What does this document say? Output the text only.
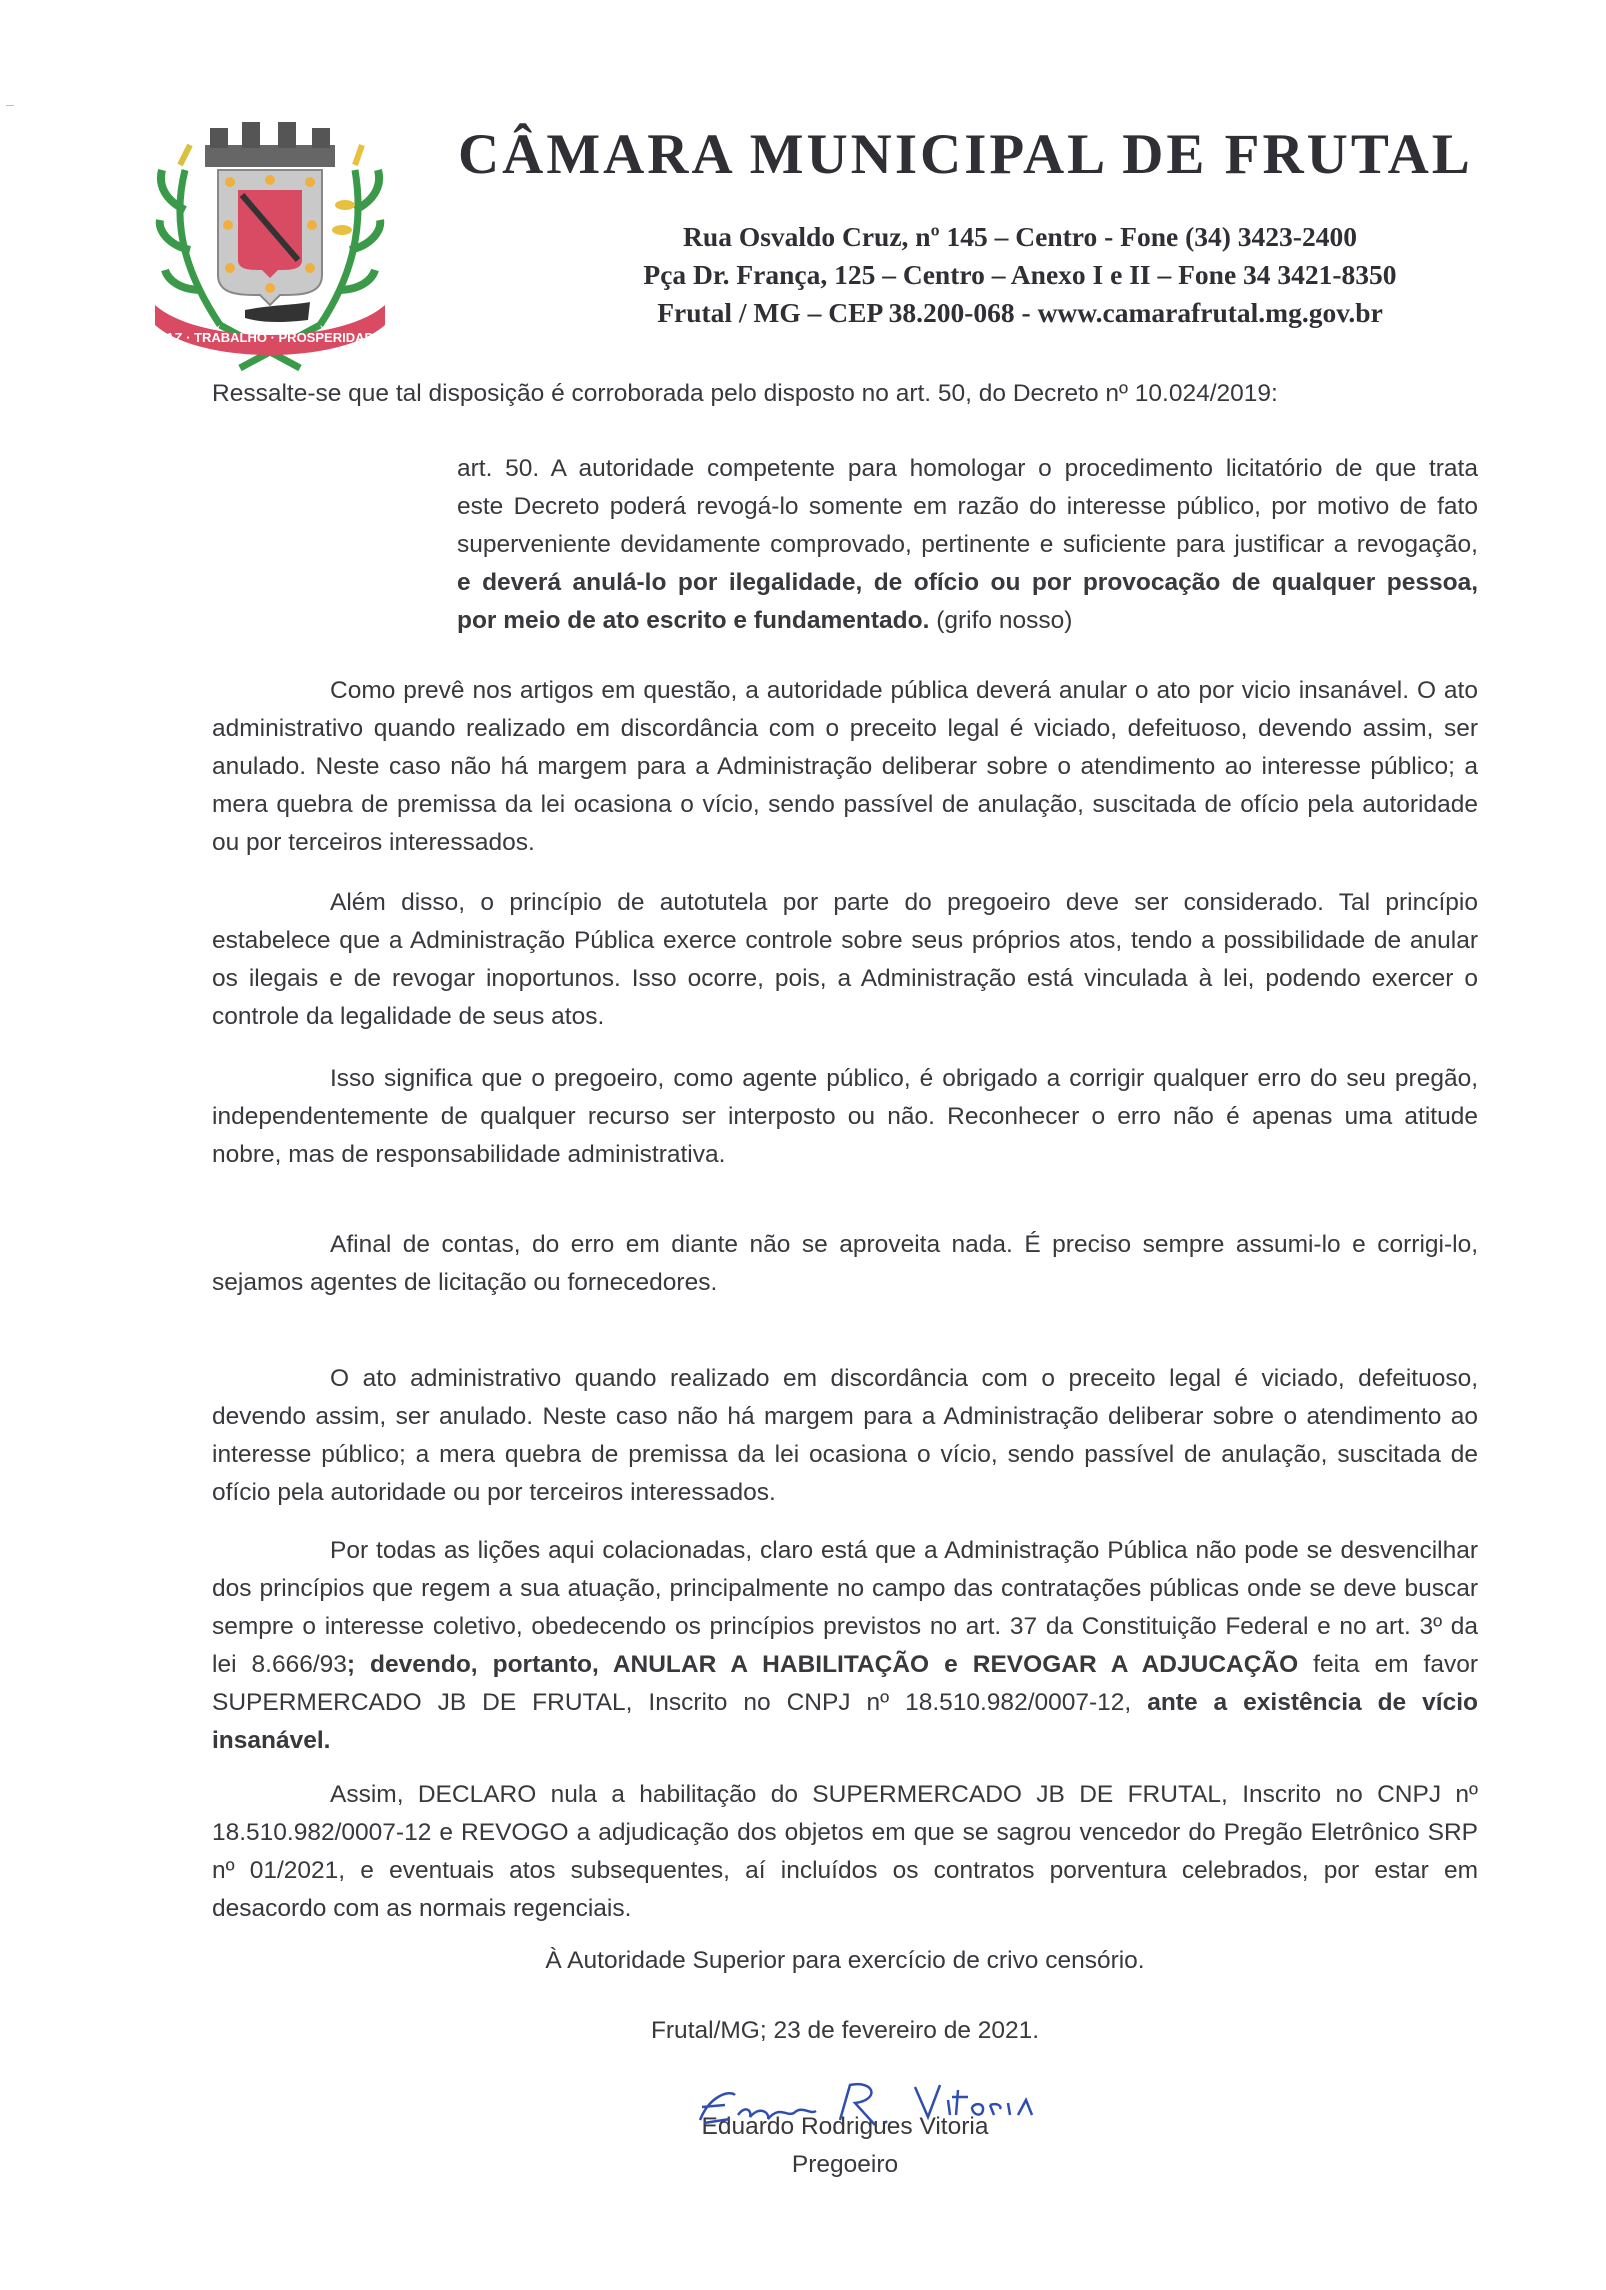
PAZ · TRABALHO · PROSPERIDADE
CÂMARA MUNICIPAL DE FRUTAL
Rua Osvaldo Cruz, nº 145 – Centro - Fone (34) 3423-2400
Pça Dr. França, 125 – Centro – Anexo I e II – Fone 34 3421-8350
Frutal / MG – CEP 38.200-068 - www.camarafrutal.mg.gov.br
Ressalte-se que tal disposição é corroborada pelo disposto no art. 50, do Decreto nº 10.024/2019:
art. 50. A autoridade competente para homologar o procedimento licitatório de que trata
este Decreto poderá revogá-lo somente em razão do interesse público, por motivo de fato
superveniente devidamente comprovado, pertinente e suficiente para justificar a revogação,
e deverá anulá-lo por ilegalidade, de ofício ou por provocação de qualquer pessoa,
por meio de ato escrito e fundamentado. (grifo nosso)
Como prevê nos artigos em questão, a autoridade pública deverá anular o ato por vicio insanável. O ato
administrativo quando realizado em discordância com o preceito legal é viciado, defeituoso, devendo assim, ser
anulado. Neste caso não há margem para a Administração deliberar sobre o atendimento ao interesse público; a
mera quebra de premissa da lei ocasiona o vício, sendo passível de anulação, suscitada de ofício pela autoridade
ou por terceiros interessados.
Além disso, o princípio de autotutela por parte do pregoeiro deve ser considerado. Tal princípio
estabelece que a Administração Pública exerce controle sobre seus próprios atos, tendo a possibilidade de anular
os ilegais e de revogar inoportunos. Isso ocorre, pois, a Administração está vinculada à lei, podendo exercer o
controle da legalidade de seus atos.
Isso significa que o pregoeiro, como agente público, é obrigado a corrigir qualquer erro do seu pregão,
independentemente de qualquer recurso ser interposto ou não. Reconhecer o erro não é apenas uma atitude
nobre, mas de responsabilidade administrativa.
Afinal de contas, do erro em diante não se aproveita nada. É preciso sempre assumi-lo e corrigi-lo,
sejamos agentes de licitação ou fornecedores.
O ato administrativo quando realizado em discordância com o preceito legal é viciado, defeituoso,
devendo assim, ser anulado. Neste caso não há margem para a Administração deliberar sobre o atendimento ao
interesse público; a mera quebra de premissa da lei ocasiona o vício, sendo passível de anulação, suscitada de
ofício pela autoridade ou por terceiros interessados.
Por todas as lições aqui colacionadas, claro está que a Administração Pública não pode se desvencilhar
dos princípios que regem a sua atuação, principalmente no campo das contratações públicas onde se deve buscar
sempre o interesse coletivo, obedecendo os princípios previstos no art. 37 da Constituição Federal e no art. 3º da
lei 8.666/93; devendo, portanto, ANULAR A HABILITAÇÃO e REVOGAR A ADJUCAÇÃO feita em favor
SUPERMERCADO JB DE FRUTAL, Inscrito no CNPJ nº 18.510.982/0007-12, ante a existência de vício
insanável.
Assim, DECLARO nula a habilitação do SUPERMERCADO JB DE FRUTAL, Inscrito no CNPJ nº
18.510.982/0007-12 e REVOGO a adjudicação dos objetos em que se sagrou vencedor do Pregão Eletrônico SRP
nº 01/2021, e eventuais atos subsequentes, aí incluídos os contratos porventura celebrados, por estar em
desacordo com as normais regenciais.
À Autoridade Superior para exercício de crivo censório.
Frutal/MG; 23 de fevereiro de 2021.
Eduardo Rodrigues Vitoria
Pregoeiro
Eduardo R. Vitoria
